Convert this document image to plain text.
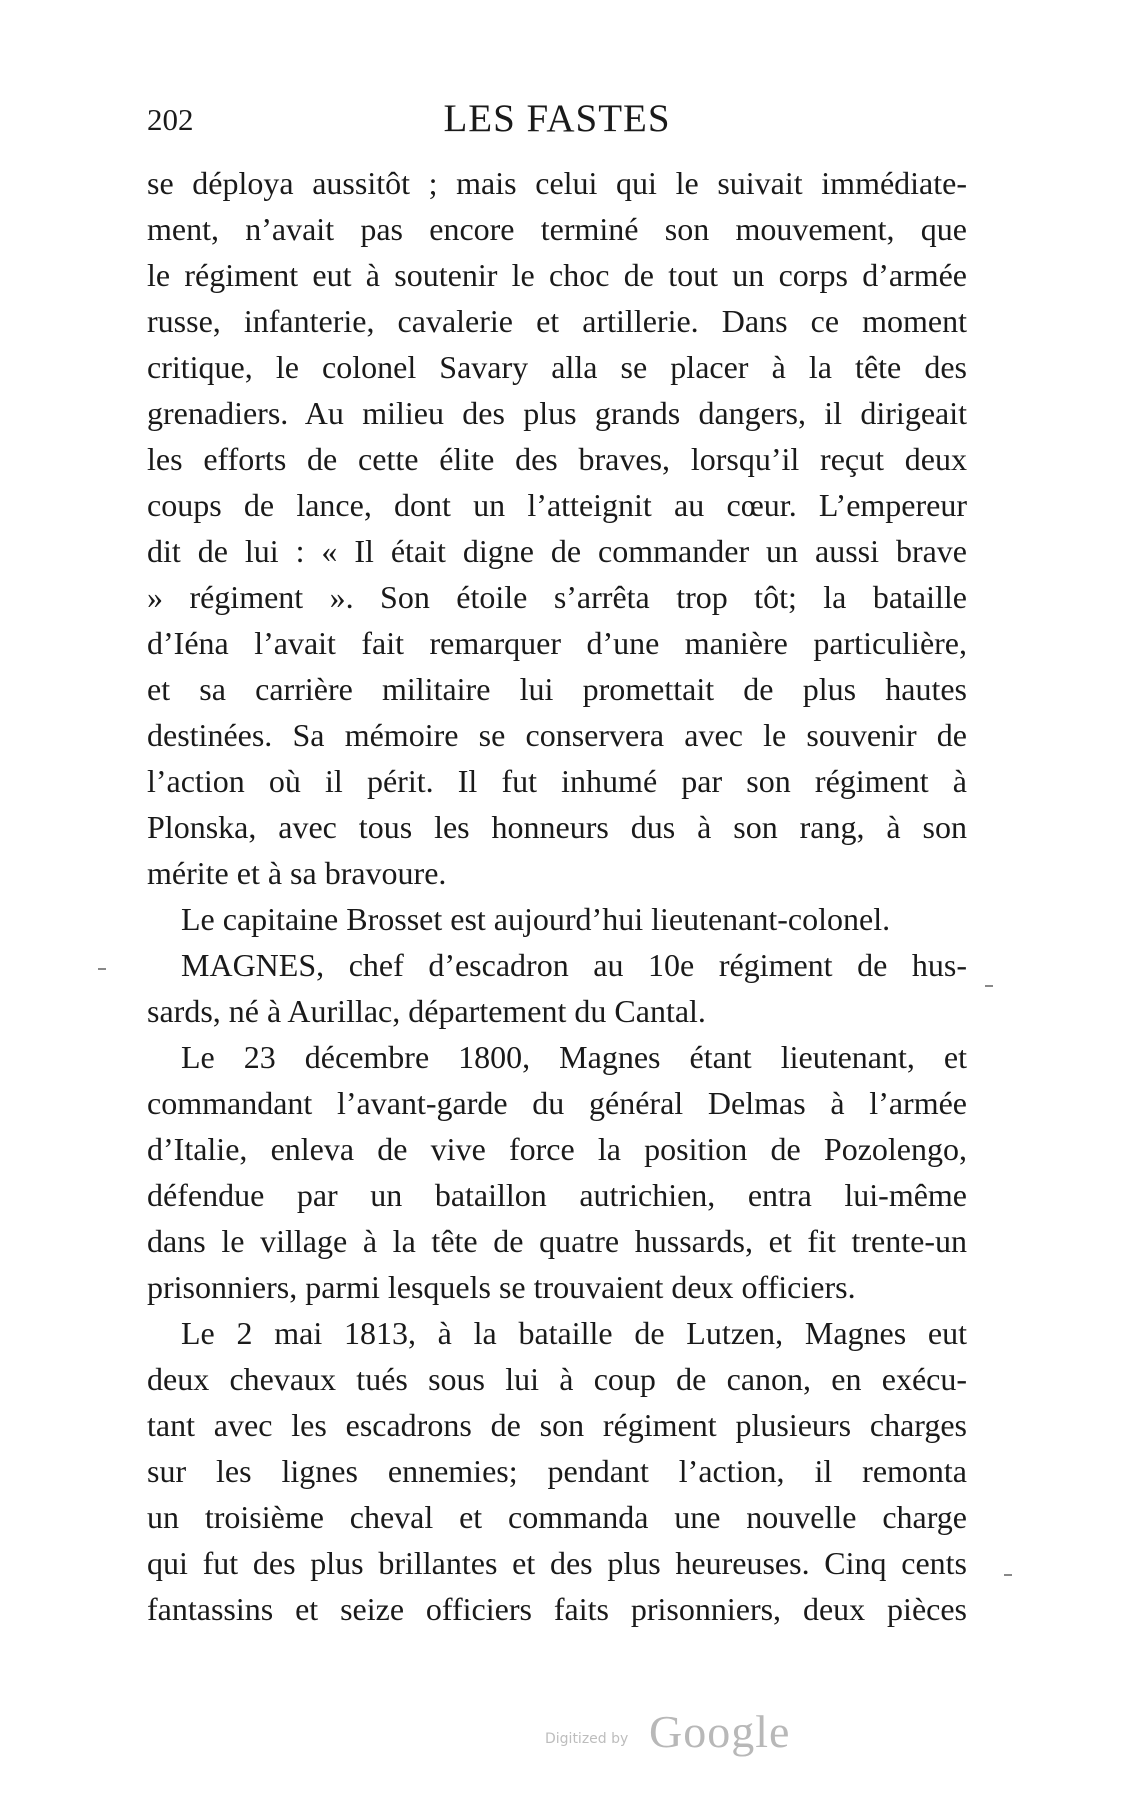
202	LES FASTES
se déploya aussitôt ; mais celui qui le suivait immédiate-
ment, n’avait pas encore terminé son mouvement, que
le régiment eut à soutenir le choc de tout un corps d’armée
russe, infanterie, cavalerie et artillerie. Dans ce moment
critique, le colonel Savary alla se placer à la tête des
grenadiers. Au milieu des plus grands dangers, il dirigeait
les efforts de cette élite des braves, lorsqu’il reçut deux
coups de lance, dont un l’atteignit au cœur. L’empereur
dit de lui : « Il était digne de commander un aussi brave
» régiment ». Son étoile s’arrêta trop tôt; la bataille
d’Iéna l’avait fait remarquer d’une manière particulière,
et sa carrière militaire lui promettait de plus hautes
destinées. Sa mémoire se conservera avec le souvenir de
l’action où il périt. Il fut inhumé par son régiment à
Plonska, avec tous les honneurs dus à son rang, à son
mérite et à sa bravoure.
Le capitaine Brosset est aujourd’hui lieutenant-colonel.
MAGNES, chef d’escadron au 10e régiment de hus-
sards, né à Aurillac, département du Cantal.
Le 23 décembre 1800, Magnes étant lieutenant, et
commandant l’avant-garde du général Delmas à l’armée
d’Italie, enleva de vive force la position de Pozolengo,
défendue par un bataillon autrichien, entra lui-même
dans le village à la tête de quatre hussards, et fit trente-un
prisonniers, parmi lesquels se trouvaient deux officiers.
Le 2 mai 1813, à la bataille de Lutzen, Magnes eut
deux chevaux tués sous lui à coup de canon, en exécu-
tant avec les escadrons de son régiment plusieurs charges
sur les lignes ennemies; pendant l’action, il remonta
un troisième cheval et commanda une nouvelle charge
qui fut des plus brillantes et des plus heureuses. Cinq cents
fantassins et seize officiers faits prisonniers, deux pièces
Digitized by Google
